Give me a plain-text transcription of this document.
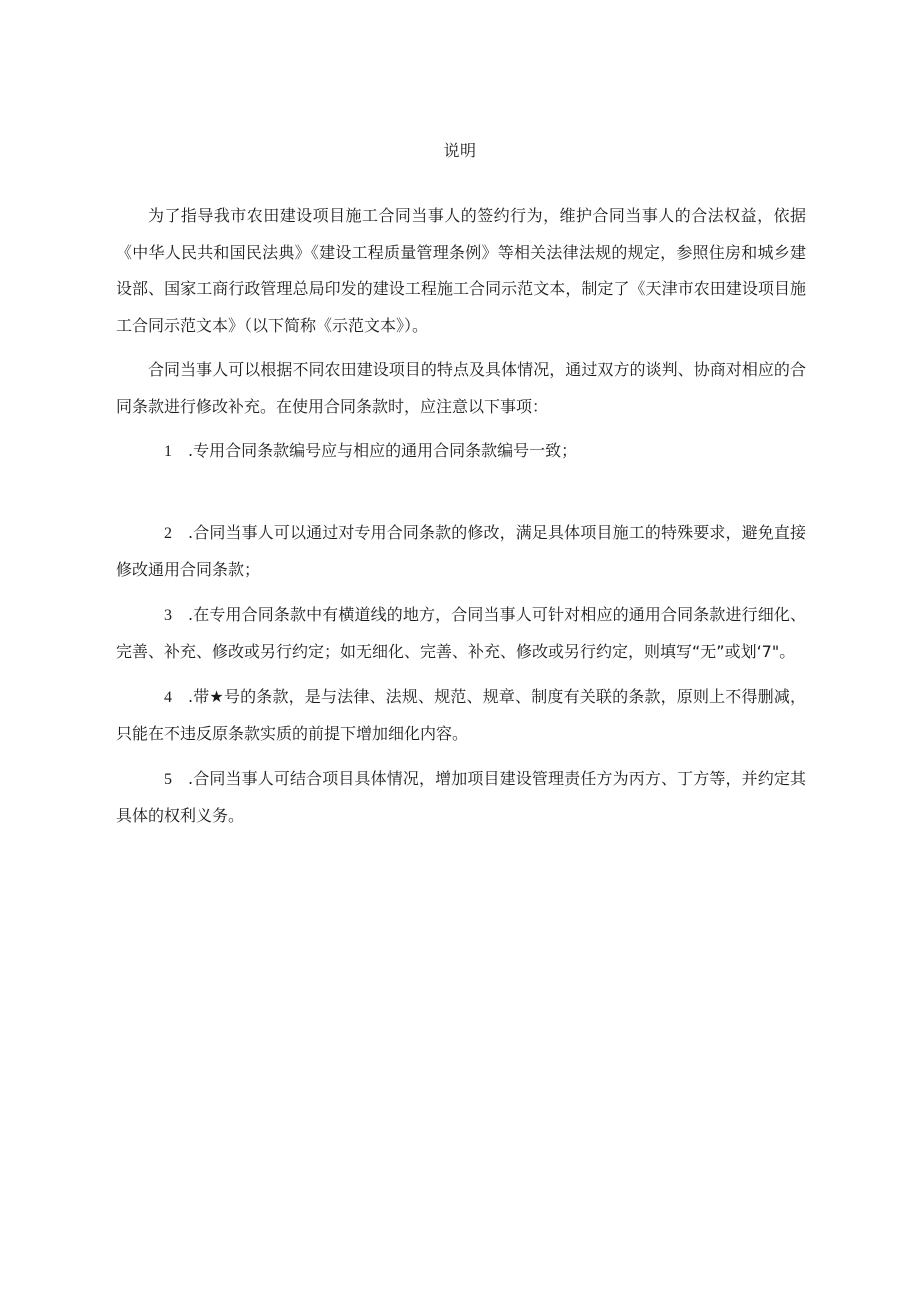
说明

为了指导我市农田建设项目施工合同当事人的签约行为，维护合同当事人的合法权益，依据《中华人民共和国民法典》《建设工程质量管理条例》等相关法律法规的规定，参照住房和城乡建设部、国家工商行政管理总局印发的建设工程施工合同示范文本，制定了《天津市农田建设项目施工合同示范文本》（以下简称《示范文本》）。

合同当事人可以根据不同农田建设项目的特点及具体情况，通过双方的谈判、协商对相应的合同条款进行修改补充。在使用合同条款时，应注意以下事项：

1 .专用合同条款编号应与相应的通用合同条款编号一致；

2 .合同当事人可以通过对专用合同条款的修改，满足具体项目施工的特殊要求，避免直接修改通用合同条款；

3 .在专用合同条款中有横道线的地方，合同当事人可针对相应的通用合同条款进行细化、完善、补充、修改或另行约定；如无细化、完善、补充、修改或另行约定，则填写“无”或划‘7"。

4 .带★号的条款，是与法律、法规、规范、规章、制度有关联的条款，原则上不得删减，只能在不违反原条款实质的前提下增加细化内容。

5 .合同当事人可结合项目具体情况，增加项目建设管理责任方为丙方、丁方等，并约定其具体的权利义务。
